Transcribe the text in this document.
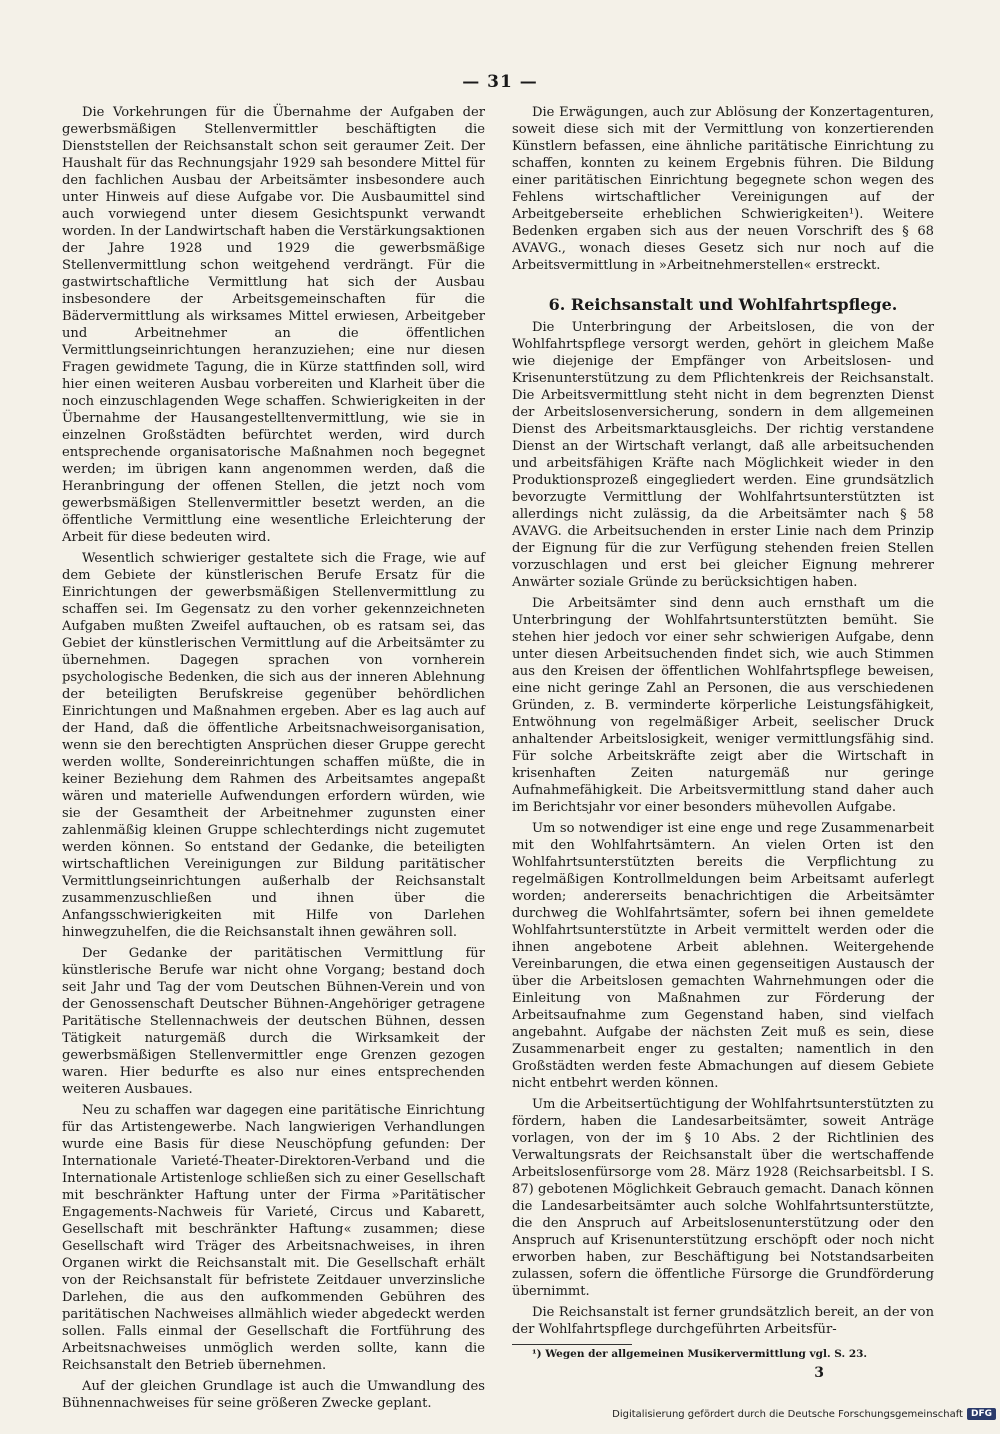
— 31 —

Die Vorkehrungen für die Übernahme der Aufgaben der gewerbsmäßigen Stellenvermittler beschäftigten die Dienststellen der Reichsanstalt schon seit geraumer Zeit. Der Haushalt für das Rechnungsjahr 1929 sah besondere Mittel für den fachlichen Ausbau der Arbeitsämter insbesondere auch unter Hinweis auf diese Aufgabe vor. Die Ausbaumittel sind auch vorwiegend unter diesem Gesichtspunkt verwandt worden. In der Landwirtschaft haben die Verstärkungsaktionen der Jahre 1928 und 1929 die gewerbsmäßige Stellenvermittlung schon weitgehend verdrängt. Für die gastwirtschaftliche Vermittlung hat sich der Ausbau insbesondere der Arbeitsgemeinschaften für die Bädervermittlung als wirksames Mittel erwiesen, Arbeitgeber und Arbeitnehmer an die öffentlichen Vermittlungseinrichtungen heranzuziehen; eine nur diesen Fragen gewidmete Tagung, die in Kürze stattfinden soll, wird hier einen weiteren Ausbau vorbereiten und Klarheit über die noch einzuschlagenden Wege schaffen. Schwierigkeiten in der Übernahme der Hausangestelltenvermittlung, wie sie in einzelnen Großstädten befürchtet werden, wird durch entsprechende organisatorische Maßnahmen noch begegnet werden; im übrigen kann angenommen werden, daß die Heranbringung der offenen Stellen, die jetzt noch vom gewerbsmäßigen Stellenvermittler besetzt werden, an die öffentliche Vermittlung eine wesentliche Erleichterung der Arbeit für diese bedeuten wird.

Wesentlich schwieriger gestaltete sich die Frage, wie auf dem Gebiete der künstlerischen Berufe Ersatz für die Einrichtungen der gewerbsmäßigen Stellenvermittlung zu schaffen sei. Im Gegensatz zu den vorher gekennzeichneten Aufgaben mußten Zweifel auftauchen, ob es ratsam sei, das Gebiet der künstlerischen Vermittlung auf die Arbeitsämter zu übernehmen. Dagegen sprachen von vornherein psychologische Bedenken, die sich aus der inneren Ablehnung der beteiligten Berufskreise gegenüber behördlichen Einrichtungen und Maßnahmen ergeben. Aber es lag auch auf der Hand, daß die öffentliche Arbeitsnachweisorganisation, wenn sie den berechtigten Ansprüchen dieser Gruppe gerecht werden wollte, Sondereinrichtungen schaffen müßte, die in keiner Beziehung dem Rahmen des Arbeitsamtes angepaßt wären und materielle Aufwendungen erfordern würden, wie sie der Gesamtheit der Arbeitnehmer zugunsten einer zahlenmäßig kleinen Gruppe schlechterdings nicht zugemutet werden können. So entstand der Gedanke, die beteiligten wirtschaftlichen Vereinigungen zur Bildung paritätischer Vermittlungseinrichtungen außerhalb der Reichsanstalt zusammenzuschließen und ihnen über die Anfangsschwierigkeiten mit Hilfe von Darlehen hinwegzuhelfen, die die Reichsanstalt ihnen gewähren soll.

Der Gedanke der paritätischen Vermittlung für künstlerische Berufe war nicht ohne Vorgang; bestand doch seit Jahr und Tag der vom Deutschen Bühnen-Verein und von der Genossenschaft Deutscher Bühnen-Angehöriger getragene Paritätische Stellennachweis der deutschen Bühnen, dessen Tätigkeit naturgemäß durch die Wirksamkeit der gewerbsmäßigen Stellenvermittler enge Grenzen gezogen waren. Hier bedurfte es also nur eines entsprechenden weiteren Ausbaues.

Neu zu schaffen war dagegen eine paritätische Einrichtung für das Artistengewerbe. Nach langwierigen Verhandlungen wurde eine Basis für diese Neuschöpfung gefunden: Der Internationale Varieté-Theater-Direktoren-Verband und die Internationale Artistenloge schließen sich zu einer Gesellschaft mit beschränkter Haftung unter der Firma »Paritätischer Engagements-Nachweis für Varieté, Circus und Kabarett, Gesellschaft mit beschränkter Haftung« zusammen; diese Gesellschaft wird Träger des Arbeitsnachweises, in ihren Organen wirkt die Reichsanstalt mit. Die Gesellschaft erhält von der Reichsanstalt für befristete Zeitdauer unverzinsliche Darlehen, die aus den aufkommenden Gebühren des paritätischen Nachweises allmählich wieder abgedeckt werden sollen. Falls einmal der Gesellschaft die Fortführung des Arbeitsnachweises unmöglich werden sollte, kann die Reichsanstalt den Betrieb übernehmen.

Auf der gleichen Grundlage ist auch die Umwandlung des Bühnennachweises für seine größeren Zwecke geplant.

Die Erwägungen, auch zur Ablösung der Konzertagenturen, soweit diese sich mit der Vermittlung von konzertierenden Künstlern befassen, eine ähnliche paritätische Einrichtung zu schaffen, konnten zu keinem Ergebnis führen. Die Bildung einer paritätischen Einrichtung begegnete schon wegen des Fehlens wirtschaftlicher Vereinigungen auf der Arbeitgeberseite erheblichen Schwierigkeiten¹). Weitere Bedenken ergaben sich aus der neuen Vorschrift des § 68 AVAVG., wonach dieses Gesetz sich nur noch auf die Arbeitsvermittlung in »Arbeitnehmerstellen« erstreckt.

6. Reichsanstalt und Wohlfahrtspflege.

Die Unterbringung der Arbeitslosen, die von der Wohlfahrtspflege versorgt werden, gehört in gleichem Maße wie diejenige der Empfänger von Arbeitslosen- und Krisenunterstützung zu dem Pflichtenkreis der Reichsanstalt. Die Arbeitsvermittlung steht nicht in dem begrenzten Dienst der Arbeitslosenversicherung, sondern in dem allgemeinen Dienst des Arbeitsmarktausgleichs. Der richtig verstandene Dienst an der Wirtschaft verlangt, daß alle arbeitsuchenden und arbeitsfähigen Kräfte nach Möglichkeit wieder in den Produktionsprozeß eingegliedert werden. Eine grundsätzlich bevorzugte Vermittlung der Wohlfahrtsunterstützten ist allerdings nicht zulässig, da die Arbeitsämter nach § 58 AVAVG. die Arbeitsuchenden in erster Linie nach dem Prinzip der Eignung für die zur Verfügung stehenden freien Stellen vorzuschlagen und erst bei gleicher Eignung mehrerer Anwärter soziale Gründe zu berücksichtigen haben.

Die Arbeitsämter sind denn auch ernsthaft um die Unterbringung der Wohlfahrtsunterstützten bemüht. Sie stehen hier jedoch vor einer sehr schwierigen Aufgabe, denn unter diesen Arbeitsuchenden findet sich, wie auch Stimmen aus den Kreisen der öffentlichen Wohlfahrtspflege beweisen, eine nicht geringe Zahl an Personen, die aus verschiedenen Gründen, z. B. verminderte körperliche Leistungsfähigkeit, Entwöhnung von regelmäßiger Arbeit, seelischer Druck anhaltender Arbeitslosigkeit, weniger vermittlungsfähig sind. Für solche Arbeitskräfte zeigt aber die Wirtschaft in krisenhaften Zeiten naturgemäß nur geringe Aufnahmefähigkeit. Die Arbeitsvermittlung stand daher auch im Berichtsjahr vor einer besonders mühevollen Aufgabe.

Um so notwendiger ist eine enge und rege Zusammenarbeit mit den Wohlfahrtsämtern. An vielen Orten ist den Wohlfahrtsunterstützten bereits die Verpflichtung zu regelmäßigen Kontrollmeldungen beim Arbeitsamt auferlegt worden; andererseits benachrichtigen die Arbeitsämter durchweg die Wohlfahrtsämter, sofern bei ihnen gemeldete Wohlfahrtsunterstützte in Arbeit vermittelt werden oder die ihnen angebotene Arbeit ablehnen. Weitergehende Vereinbarungen, die etwa einen gegenseitigen Austausch der über die Arbeitslosen gemachten Wahrnehmungen oder die Einleitung von Maßnahmen zur Förderung der Arbeitsaufnahme zum Gegenstand haben, sind vielfach angebahnt. Aufgabe der nächsten Zeit muß es sein, diese Zusammenarbeit enger zu gestalten; namentlich in den Großstädten werden feste Abmachungen auf diesem Gebiete nicht entbehrt werden können.

Um die Arbeitsertüchtigung der Wohlfahrtsunterstützten zu fördern, haben die Landesarbeitsämter, soweit Anträge vorlagen, von der im § 10 Abs. 2 der Richtlinien des Verwaltungsrats der Reichsanstalt über die wertschaffende Arbeitslosenfürsorge vom 28. März 1928 (Reichsarbeitsbl. I S. 87) gebotenen Möglichkeit Gebrauch gemacht. Danach können die Landesarbeitsämter auch solche Wohlfahrtsunterstützte, die den Anspruch auf Arbeitslosenunterstützung oder den Anspruch auf Krisenunterstützung erschöpft oder noch nicht erworben haben, zur Beschäftigung bei Notstandsarbeiten zulassen, sofern die öffentliche Fürsorge die Grundförderung übernimmt.

Die Reichsanstalt ist ferner grundsätzlich bereit, an der von der Wohlfahrtspflege durchgeführten Arbeitsfür-

¹) Wegen der allgemeinen Musikervermittlung vgl. S. 23.

3
Digitalisierung gefördert durch die Deutsche Forschungsgemeinschaft DFG
